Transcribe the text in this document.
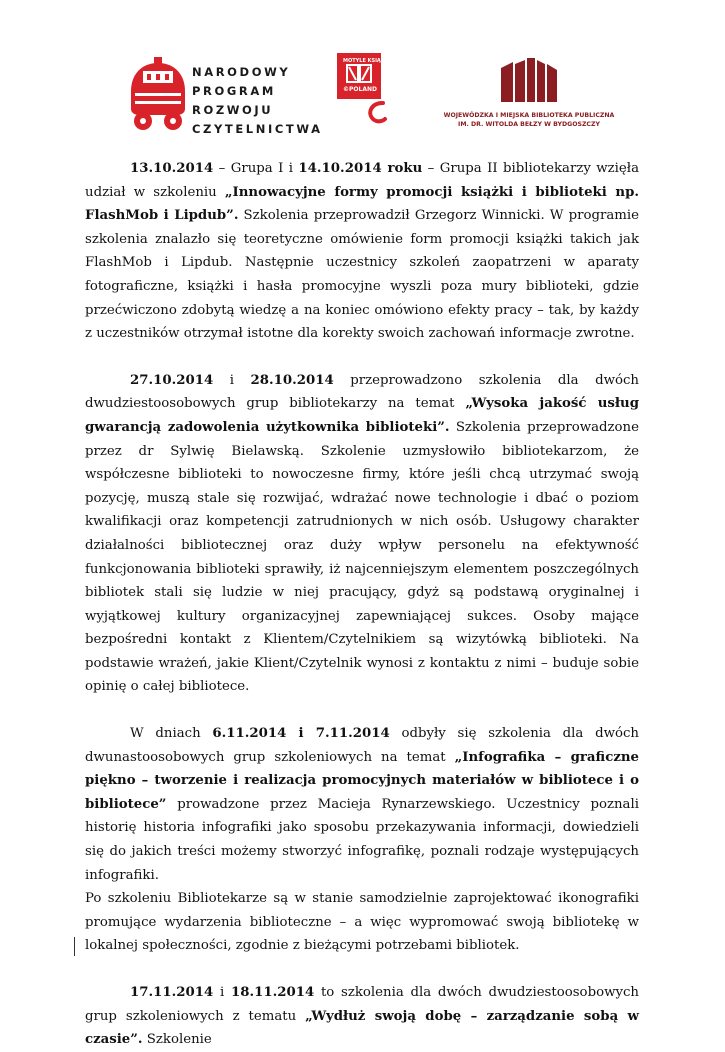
NARODOWY
PROGRAM
ROZWOJU
CZYTELNICTWA
MOTYLE KSIĄŻKI
©POLAND
WOJEWÓDZKA I MIEJSKA BIBLIOTEKA PUBLICZNA
IM. DR. WITOLDA BEŁZY W BYDGOSZCZY

13.10.2014 – Grupa I i 14.10.2014 roku – Grupa II bibliotekarzy wzięła udział w szkoleniu „Innowacyjne formy promocji książki i biblioteki np. FlashMob i Lipdub”. Szkolenia przeprowadził Grzegorz Winnicki. W programie szkolenia znalazło się teoretyczne omówienie form promocji książki takich jak FlashMob i Lipdub. Następnie uczestnicy szkoleń zaopatrzeni w aparaty fotograficzne, książki i hasła promocyjne wyszli poza mury biblioteki, gdzie przećwiczono zdobytą wiedzę a na koniec omówiono efekty pracy – tak, by każdy z uczestników otrzymał istotne dla korekty swoich zachowań informacje zwrotne.

27.10.2014 i 28.10.2014 przeprowadzono szkolenia dla dwóch dwudziestoosobowych grup bibliotekarzy na temat „Wysoka jakość usług gwarancją zadowolenia użytkownika biblioteki”. Szkolenia przeprowadzone przez dr Sylwię Bielawską. Szkolenie uzmysłowiło bibliotekarzom, że współczesne biblioteki to nowoczesne firmy, które jeśli chcą utrzymać swoją pozycję, muszą stale się rozwijać, wdrażać nowe technologie i dbać o poziom kwalifikacji oraz kompetencji zatrudnionych w nich osób. Usługowy charakter działalności bibliotecznej oraz duży wpływ personelu na efektywność funkcjonowania biblioteki sprawiły, iż najcenniejszym elementem poszczególnych bibliotek stali się ludzie w niej pracujący, gdyż są podstawą oryginalnej i wyjątkowej kultury organizacyjnej zapewniającej sukces. Osoby mające bezpośredni kontakt z Klientem/Czytelnikiem są wizytówką biblioteki. Na podstawie wrażeń, jakie Klient/Czytelnik wynosi z kontaktu z nimi – buduje sobie opinię o całej bibliotece.

W dniach 6.11.2014 i 7.11.2014 odbyły się szkolenia dla dwóch dwunastoosobowych grup szkoleniowych na temat „Infografika – graficzne piękno – tworzenie i realizacja promocyjnych materiałów w bibliotece i o bibliotece” prowadzone przez Macieja Rynarzewskiego. Uczestnicy poznali historię historia infografiki jako sposobu przekazywania informacji, dowiedzieli się do jakich treści możemy stworzyć infografikę, poznali rodzaje występujących infografiki.

Po szkoleniu Bibliotekarze są w stanie samodzielnie zaprojektować ikonografiki promujące wydarzenia biblioteczne – a więc wypromować swoją bibliotekę w lokalnej społeczności, zgodnie z bieżącymi potrzebami bibliotek.

17.11.2014 i 18.11.2014 to szkolenia dla dwóch dwudziestoosobowych grup szkoleniowych z tematu „Wydłuż swoją dobę – zarządzanie sobą w czasie”. Szkolenie
